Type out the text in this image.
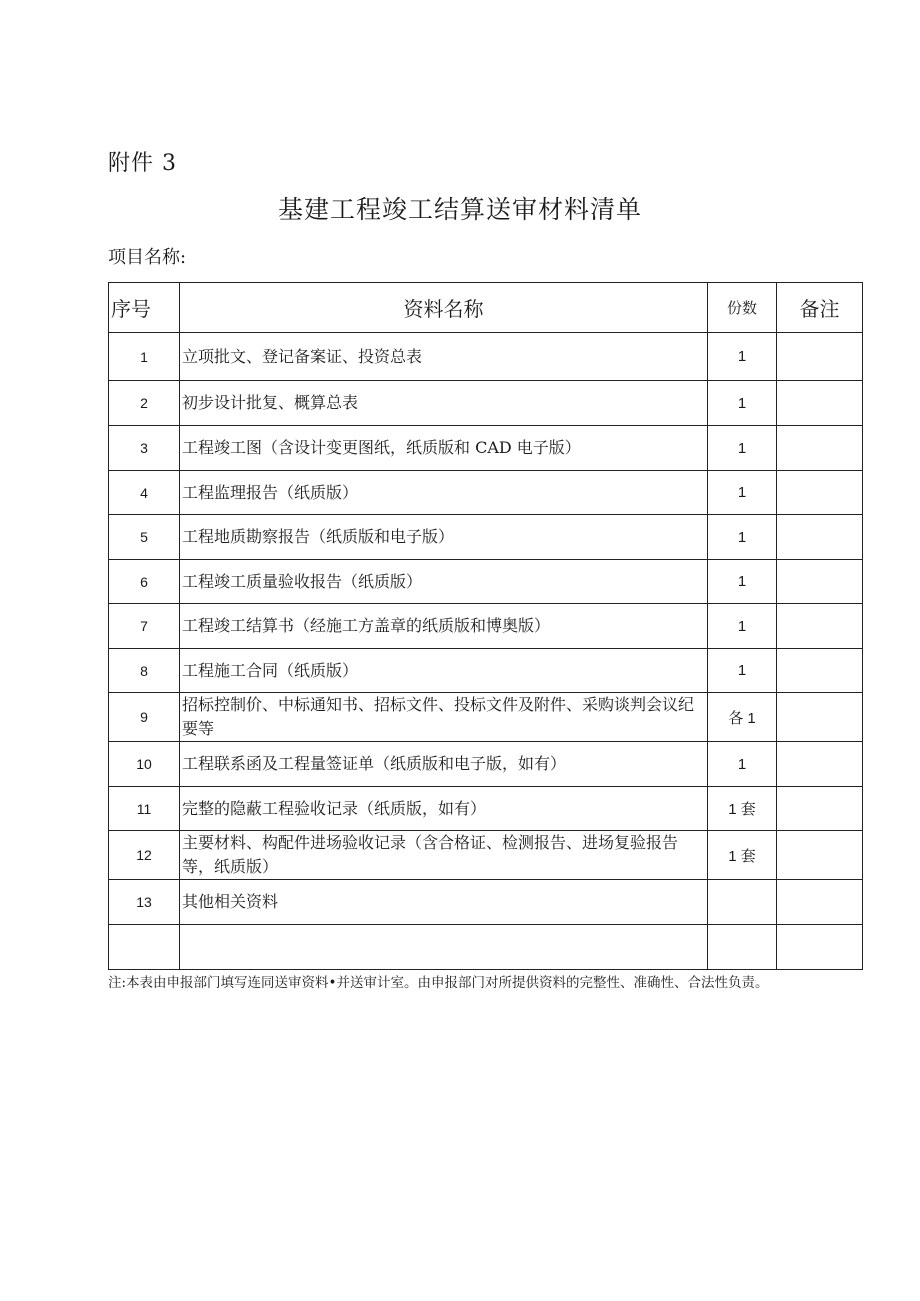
附件 3
基建工程竣工结算送审材料清单
项目名称:
序号	资料名称	份数	备注
1	立项批文、登记备案证、投资总表	1	
2	初步设计批复、概算总表	1	
3	工程竣工图（含设计变更图纸，纸质版和 CAD 电子版）	1	
4	工程监理报告（纸质版）	1	
5	工程地质勘察报告（纸质版和电子版）	1	
6	工程竣工质量验收报告（纸质版）	1	
7	工程竣工结算书（经施工方盖章的纸质版和博奥版）	1	
8	工程施工合同（纸质版）	1	
9	招标控制价、中标通知书、招标文件、投标文件及附件、采购谈判会议纪要等	各 1	
10	工程联系函及工程量签证单（纸质版和电子版，如有）	1	
11	完整的隐蔽工程验收记录（纸质版，如有）	1 套	
12	主要材料、构配件进场验收记录（含合格证、检测报告、进场复验报告等，纸质版）	1 套	
13	其他相关资料		

注:本表由申报部门填写连同送审资料•并送审计室。由申报部门对所提供资料的完整性、准确性、合法性负责。
